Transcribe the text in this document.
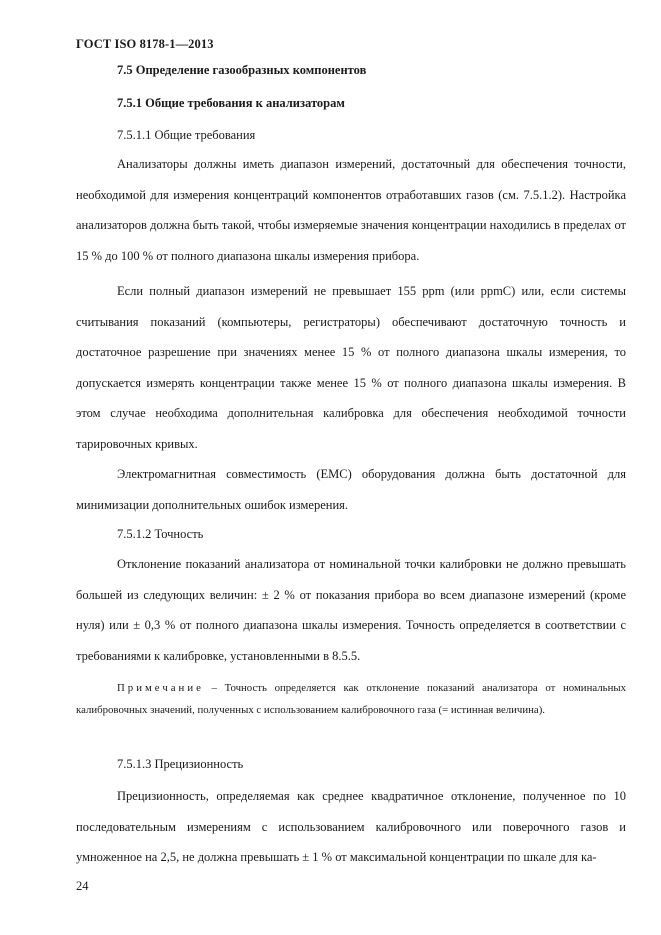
ГОСТ ISO 8178-1—2013
7.5 Определение газообразных компонентов
7.5.1 Общие требования к анализаторам
7.5.1.1 Общие требования

Анализаторы должны иметь диапазон измерений, достаточный для обеспечения точности, необходимой для измерения концентраций компонентов отработавших газов (см. 7.5.1.2). Настройка анализаторов должна быть такой, чтобы измеряемые значения концентрации находились в пределах от 15 % до 100 % от полного диапазона шкалы измерения прибора.

Если полный диапазон измерений не превышает 155 ppm (или ppmC) или, если системы считывания показаний (компьютеры, регистраторы) обеспечивают достаточную точность и достаточное разрешение при значениях менее 15 % от полного диапазона шкалы измерения, то допускается измерять концентрации также менее 15 % от полного диапазона шкалы измерения. В этом случае необходима дополнительная калибровка для обеспечения необходимой точности тарировочных кривых.

Электромагнитная совместимость (ЕМС) оборудования должна быть достаточной для минимизации дополнительных ошибок измерения.

7.5.1.2 Точность

Отклонение показаний анализатора от номинальной точки калибровки не должно превышать большей из следующих величин: ± 2 % от показания прибора во всем диапазоне измерений (кроме нуля) или ± 0,3 % от полного диапазона шкалы измерения. Точность определяется в соответствии с требованиями к калибровке, установленными в 8.5.5.

Примечание – Точность определяется как отклонение показаний анализатора от номинальных калибровочных значений, полученных с использованием калибровочного газа (= истинная величина).

7.5.1.3 Прецизионность

Прецизионность, определяемая как среднее квадратичное отклонение, полученное по 10 последовательным измерениям с использованием калибровочного или поверочного газов и умноженное на 2,5, не должна превышать ± 1 % от максимальной концентрации по шкале для ка-

24
